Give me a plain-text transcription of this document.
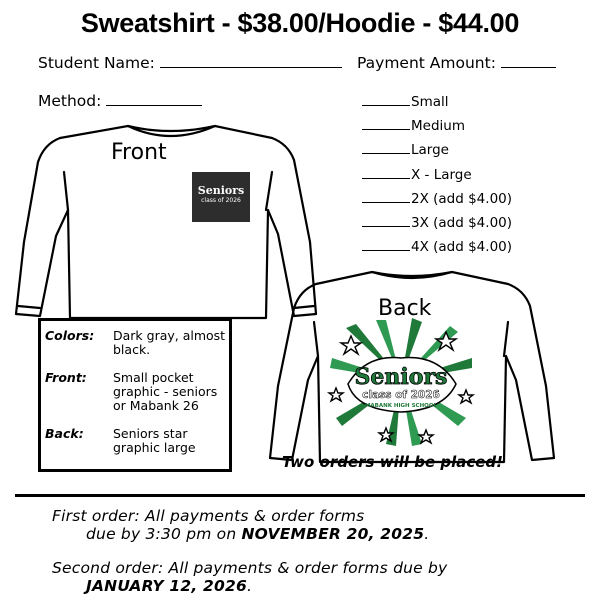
Sweatshirt - $38.00/Hoodie - $44.00
Student Name:	Payment Amount:
Method:	Small
Medium
Large
X - Large
2X (add $4.00)
3X (add $4.00)
4X (add $4.00)
Front
Seniors
class of 2026
Back
Seniors
class of 2026
MABANK HIGH SCHOOL
Colors: Dark gray, almost black.
Front: Small pocket graphic - seniors or Mabank 26
Back: Seniors star graphic large
Two orders will be placed!
First order: All payments & order forms
due by 3:30 pm on NOVEMBER 20, 2025.
Second order: All payments & order forms due by
JANUARY 12, 2026.
